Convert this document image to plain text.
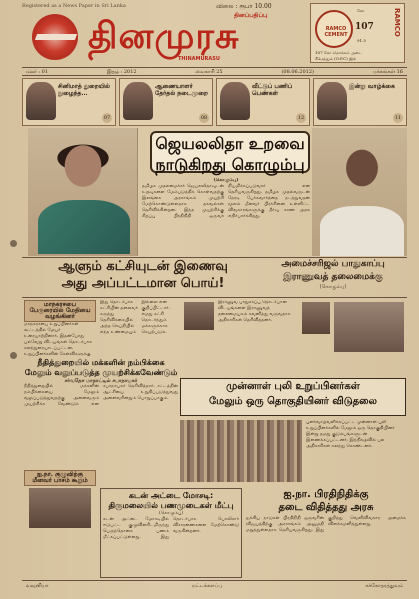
Registered as a News Paper in Sri Lanka	விலை : ரூபா 10.00
தினமுரசு
தினப்பதிப்பு
THINAMURASU
RAMCO CEMENT	RAMCO
107
கோ
91.5
107 கோ மொக்கம் அடை
சீமெந்தும் (O.P.C) இல்
மலர் : 01	இதழ் : 2012	வைகாசி 25	(08.06.2012)	பக்கங்கள் 16
சினிமாத் துறையில் நுழைந்த…
07
ஆணையாளர் தேர்தல் நடைமுறை
08
வீட்டுப் பணிப் பெண்கள்
12
இன்று வாழ்க்கை
11
ஜெயலலிதா உறவை
நாடுகிறது கொழும்பு
(கொழும்பு)
தமிழக முதலமைச்சர் ஜெயலலிதாவுடன் உறவுகளை மேம்படுத்திக் கொள்வதற்கு இலங்கை அரசாங்கம் முயற்சி மேற்கொண்டுள்ளதாக தகவல்கள் தெரிவிக்கின்றன. இந்த முயற்சிக்கு சிறப்பு பிரதிநிதி ஒருவர் நியமிக்கப்படுவார் என தெரியவருகிறது. தமிழக முதல்வருடன் நேரடி பேச்சுவார்த்தை நடத்துவதன் மூலம் மீனவர் பிரச்சினை உள்ளிட்ட விவகாரங்களுக்கு தீர்வு காண அரசு எதிர்பார்க்கிறது.
ஆளும் கட்சியுடன் இணைவு
அது அப்பட்டமான பொய்!
அமைச்சரிஜல் பாதுகாப்பு
இராணுவத் தலைமைக்கு
(கொழும்பு)
மாநகரசபை பேருரையில் மேதியை வழங்கினர்
மாநகரசபை உறுப்பினர்கள் கூட்டத்தில் மேயர் உரையாற்றினார். இதன்போது பல்வேறு விடயங்கள் தொடர்பாக கலந்துரையாடப்பட்டன. உறுப்பினர்களின் கேள்விகளுக்கு
இது தொடர்பாக கட்சியின் தலைவர் கருத்து தெரிவிக்கையில் அந்த செய்தியில் எந்த உண்மையும் இல்லை என குறிப்பிட்டார். எமது கட்சி தொடர்ந்தும் மக்களுக்காக செயற்படும்.
இராணுவ பாதுகாப்பு தொடர்பான விடயங்களை இராணுவத் தலைமையகம் கவனித்து வருவதாக அதிகாரிகள் தெரிவித்தனர்.
நீதித்துறையில் மக்களின் நம்பிக்கை
மேலும் வலுப்படுத்த முயற்சிக்கவேண்டும்
சர்வதேச மாநாட்டில் சபாநாயகர்
நீதித்துறையில் மக்களின் நம்பிக்கையை மேலும் வலுப்படுத்துவதற்கு அனைவரும் முயற்சிக்க வேண்டும் என சபாநாயகர் தெரிவித்தார். சட்டத்தின் ஆட்சியை உறுதிப்படுத்துவது அனைவரினதும் பொறுப்பாகும்.
முன்னாள் புலி உறுப்பினர்கள்
மேலும் ஒரு தொகுதியினர் விடுதலை
புனர்வாழ்வளிக்கப்பட்ட முன்னாள் புலி உறுப்பினர்களில் மேலும் ஒரு தொகுதியினர் இன்று தமது குடும்பங்களுடன் இணைக்கப்பட்டனர். இந்நிகழ்வில் பல அதிகாரிகள் கலந்து கொண்டனர்.
ஐ.நா. குழுவிற்கு மீனவர் பாசம் கூறும்
கடன் அட்டை மோசடி:
திருமலையில் பணமுடைகள் மீட்பு
(கொழும்பு)
கடன் அட்டை மோசடியில் ஈடுபட்ட குழுவினரிடமிருந்து பெருந்தொகை பணம் மீட்கப்பட்டுள்ளது. இது தொடர்பாக பொலிசார் விசாரணைகளை மேற்கொண்டு வருகின்றனர்.
ஐ.நா. பிரதிநிதிக்கு
தடை விதித்தது அரசு
ஐக்கிய நாடுகள் பிரதிநிதி ஒருவரின் விஜயத்திற்கு அரசாங்கம் அனுமதி மறுத்துள்ளதாக தெரியவருகிறது. இது குறித்து வெளிவிவகார அமைச்சு விளக்கமளித்துள்ளது.
வவுனியா	மட்டக்களப்பு	சக்கோதரத்துவம்
